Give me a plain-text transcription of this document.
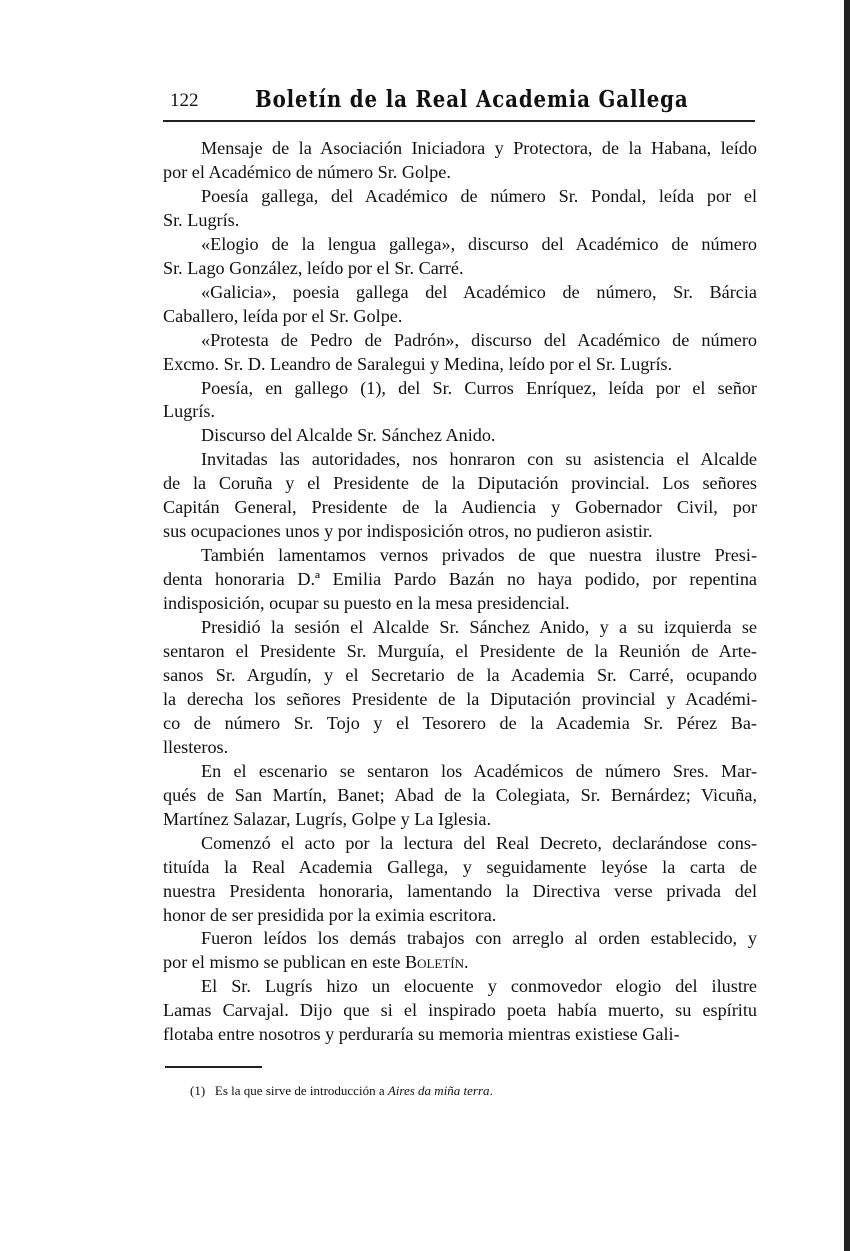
122 Boletín de la Real Academia Gallega
Mensaje de la Asociación Iniciadora y Protectora, de la Habana, leído
por el Académico de número Sr. Golpe.
Poesía gallega, del Académico de número Sr. Pondal, leída por el
Sr. Lugrís.
«Elogio de la lengua gallega», discurso del Académico de número
Sr. Lago González, leído por el Sr. Carré.
«Galicia», poesia gallega del Académico de número, Sr. Bárcia
Caballero, leída por el Sr. Golpe.
«Protesta de Pedro de Padrón», discurso del Académico de número
Excmo. Sr. D. Leandro de Saralegui y Medina, leído por el Sr. Lugrís.
Poesía, en gallego (1), del Sr. Curros Enríquez, leída por el señor
Lugrís.
Discurso del Alcalde Sr. Sánchez Anido.
Invitadas las autoridades, nos honraron con su asistencia el Alcalde
de la Coruña y el Presidente de la Diputación provincial. Los señores
Capitán General, Presidente de la Audiencia y Gobernador Civil, por
sus ocupaciones unos y por indisposición otros, no pudieron asistir.
También lamentamos vernos privados de que nuestra ilustre Presi-
denta honoraria D.ª Emilia Pardo Bazán no haya podido, por repentina
indisposición, ocupar su puesto en la mesa presidencial.
Presidió la sesión el Alcalde Sr. Sánchez Anido, y a su izquierda se
sentaron el Presidente Sr. Murguía, el Presidente de la Reunión de Arte-
sanos Sr. Argudín, y el Secretario de la Academia Sr. Carré, ocupando
la derecha los señores Presidente de la Diputación provincial y Académi-
co de número Sr. Tojo y el Tesorero de la Academia Sr. Pérez Ba-
llesteros.
En el escenario se sentaron los Académicos de número Sres. Mar-
qués de San Martín, Banet; Abad de la Colegiata, Sr. Bernárdez; Vicuña,
Martínez Salazar, Lugrís, Golpe y La Iglesia.
Comenzó el acto por la lectura del Real Decreto, declarándose cons-
tituída la Real Academia Gallega, y seguidamente leyóse la carta de
nuestra Presidenta honoraria, lamentando la Directiva verse privada del
honor de ser presidida por la eximia escritora.
Fueron leídos los demás trabajos con arreglo al orden establecido, y
por el mismo se publican en este Boletín.
El Sr. Lugrís hizo un elocuente y conmovedor elogio del ilustre
Lamas Carvajal. Dijo que si el inspirado poeta había muerto, su espíritu
flotaba entre nosotros y perduraría su memoria mientras existiese Gali-
(1) Es la que sirve de introducción a Aires da miña terra.
